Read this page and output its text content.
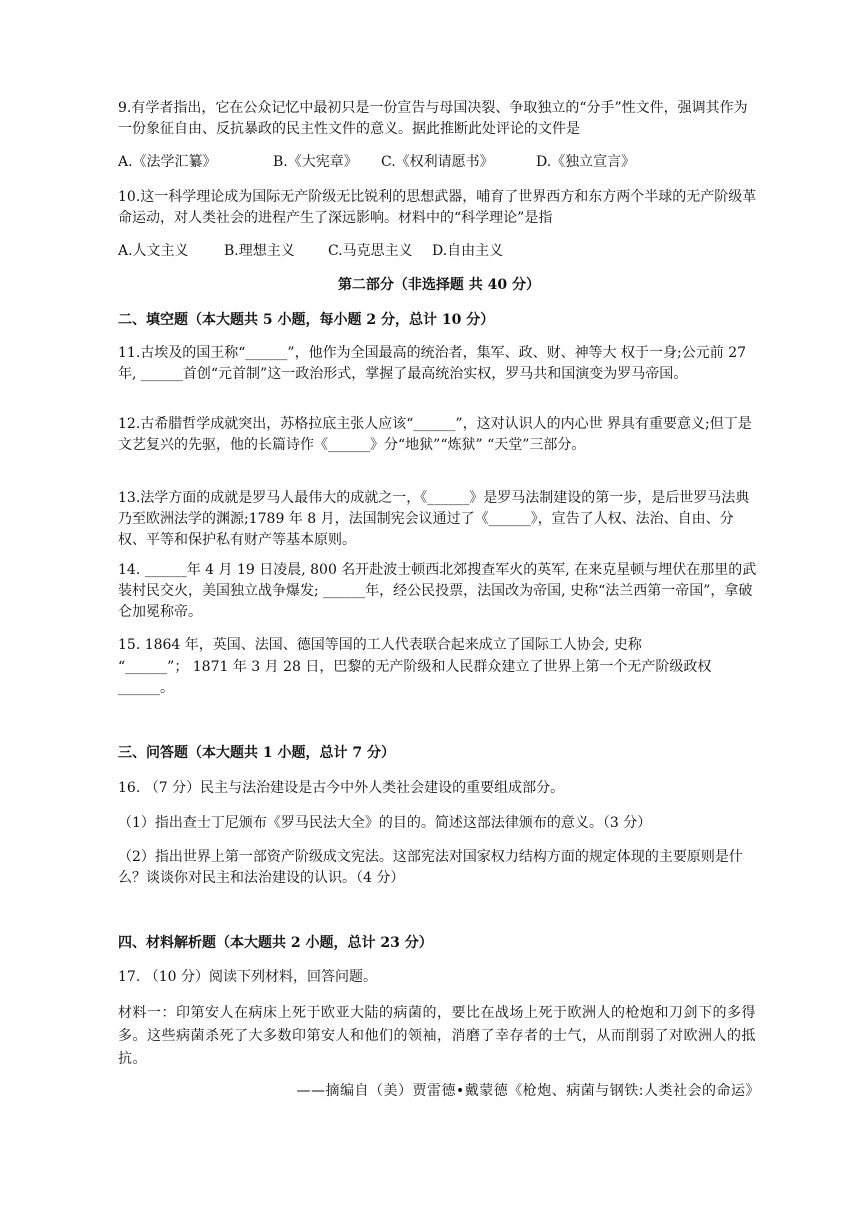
9.有学者指出，它在公众记忆中最初只是一份宣告与母国决裂、争取独立的“分手”性文件，强调其作为一份象征自由、反抗暴政的民主性文件的意义。据此推断此处评论的文件是
A.《法学汇纂》	B.《大宪章》 C.《权利请愿书》	D.《独立宣言》
10.这一科学理论成为国际无产阶级无比锐利的思想武器，哺育了世界西方和东方两个半球的无产阶级革命运动，对人类社会的进程产生了深远影响。材料中的“科学理论”是指
A.人文主义	B.理想主义 C.马克思主义 D.自由主义
第二部分（非选择题 共 40 分）
二、填空题（本大题共 5 小题，每小题 2 分，总计 10 分）
11.古埃及的国王称“______”，他作为全国最高的统治者，集军、政、财、神等大 权于一身;公元前 27 年, ______首创“元首制”这一政治形式，掌握了最高统治实权，罗马共和国演变为罗马帝国。
12.古希腊哲学成就突出，苏格拉底主张人应该“______”，这对认识人的内心世 界具有重要意义;但丁是文艺复兴的先驱，他的长篇诗作《______》分“地狱”“炼狱” “天堂”三部分。
13.法学方面的成就是罗马人最伟大的成就之一，《______》是罗马法制建设的第一步，是后世罗马法典乃至欧洲法学的渊源;1789 年 8 月，法国制宪会议通过了《______》，宣告了人权、法治、自由、分权、平等和保护私有财产等基本原则。
14. ______年 4 月 19 日凌晨, 800 名开赴波士顿西北郊搜查军火的英军, 在来克星顿与埋伏在那里的武装村民交火，美国独立战争爆发; ______年，经公民投票，法国改为帝国, 史称“法兰西第一帝国”，拿破仑加冕称帝。
15. 1864 年，英国、法国、德国等国的工人代表联合起来成立了国际工人协会, 史称
“______”； 1871 年 3 月 28 日，巴黎的无产阶级和人民群众建立了世界上第一个无产阶级政权______。
三、问答题（本大题共 1 小题，总计 7 分）
16. （7 分）民主与法治建设是古今中外人类社会建设的重要组成部分。
（1）指出查士丁尼颁布《罗马民法大全》的目的。简述这部法律颁布的意义。（3 分）
（2）指出世界上第一部资产阶级成文宪法。这部宪法对国家权力结构方面的规定体现的主要原则是什么？谈谈你对民主和法治建设的认识。（4 分）
四、材料解析题（本大题共 2 小题，总计 23 分）
17. （10 分）阅读下列材料，回答问题。
材料一：印第安人在病床上死于欧亚大陆的病菌的，要比在战场上死于欧洲人的枪炮和刀剑下的多得多。这些病菌杀死了大多数印第安人和他们的领袖，消磨了幸存者的士气，从而削弱了对欧洲人的抵抗。
——摘编自（美）贾雷德•戴蒙德《枪炮、病菌与钢铁:人类社会的命运》
